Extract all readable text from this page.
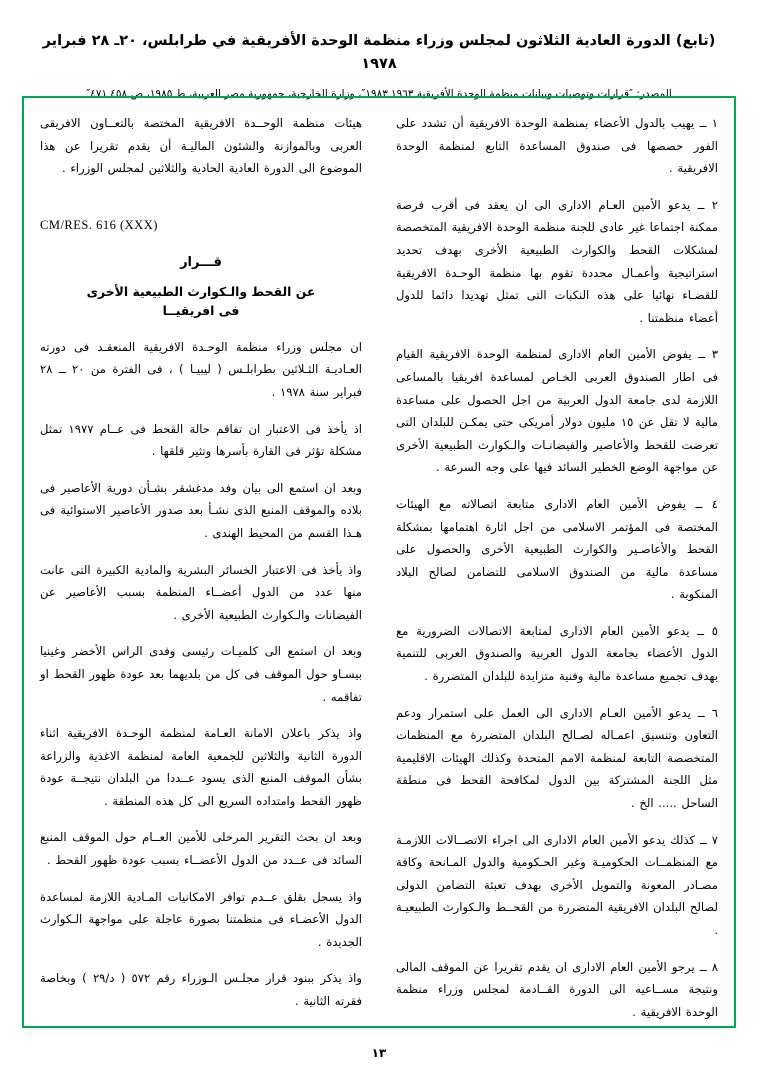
(تابع) الدورة العادية الثلاثون لمجلس وزراء منظمة الوحدة الأفريقية في طرابلس، ٢٠ـ ٢٨ فبراير ١٩٧٨
المصدر: ″قرارات وتوصيات وبيانات منظمة الوحدة الأفريقية ١٩٦٣ـ١٩٨٣″، وزارة الخارجية، جمهورية مصر العربية، ط ١٩٨٥، ص ٤٥٨ـ٤٧١″
١ ــ يهيب بالدول الأعضاء بمنظمة الوحدة الافريقية أن تشدد على الفور حصصها فى صندوق المساعدة التابع لمنظمة الوحدة الافريقية .
٢ ــ يدعو الأمين العـام الادارى الى ان يعقد فى أقرب فرصة ممكنة اجتماعا غير عادى للجنة منظمة الوحدة الافريقية المتخصصة لمشكلات القحط والكوارث الطبيعية الأخرى بهدف تحديد استراتيجية وأعمـال محددة تقوم بها منظمة الوحـدة الافريقية للقضـاء نهائيا على هذه النكبات التى تمثل تهديدا دائما للدول أعضاء منظمتنا .
٣ ــ يفوض الأمين العام الادارى لمنظمة الوحدة الافريقية القيام فى اطار الصندوق العربى الخـاص لمساعدة افريقيا بالمساعى اللازمة لدى جامعة الدول العربية من اجل الحصول على مساعدة مالية لا تقل عن ١٥ مليون دولار أمريكى حتى يمكـن للبلدان التى تعرضت للقحط والأعاصير والفيضانـات والـكوارث الطبيعية الأخرى عن مواجهة الوضع الخطير السائد فيها على وجه السرعة .
٤ ــ يفوض الأمين العام الادارى متابعة اتصالاته مع الهيئات المختصة فى المؤتمر الاسلامى من اجل اثارة اهتمامها بمشكلة القحط والأعاصـير والكوارث الطبيعية الأخرى والحصول على مساعدة مالية من الصندوق الاسلامى للتضامن لصالح البلاد المنكوبة .
٥ ــ يدعو الأمين العام الادارى لمتابعة الاتصالات الضرورية مع الدول الأعضاء بجامعة الدول العربية والصندوق العربى للتنمية بهدف تجميع مساعدة مالية وفنية متزايدة للبلدان المتضررة .
٦ ــ يدعو الأمين العـام الادارى الى العمل على استمرار ودعم التعاون وتنسيق اعمـاله لصـالح البلدان المتضررة مع المنظمات المتخصصة التابعة لمنظمة الامم المتحدة وكذلك الهيئات الاقليمية مثل اللجنة المشتركة بين الدول لمكافحة القحط فى منطقة الساحل ..... الخ .
٧ ــ كذلك يدعو الأمين العام الادارى الى اجراء الاتصــالات اللازمـة مع المنظمــات الحكوميـة وغير الحـكومية والدول المـانحة وكافة مصـادر المعونة والتمويل الأخرى بهدف تعبئة التضامن الدولى لصالح البلدان الافريقية المتضررة من القحــط والـكوارث الطبيعيـة .
٨ ــ يرجو الأمين العام الادارى ان يقدم تقريرا عن الموقف المالى ونتيجة مســاعيه الى الدورة القــادمة لمجلس وزراء منظمة الوحدة الافريقية .
هيئات منظمة الوحــدة الافريقية المختصة بالتعــاون الافريقى العربى وبالموازنة والشئون الماليـة أن يقدم تقريرا عن هذا الموضوع الى الدورة العادية الحادية والثلاثين لمجلس الوزراء .
CM/RES. 616 (XXX)
قـــرار
عن القحط والـكوارث الطبيعية الأخرى
فى افريقيــا
ان مجلس وزراء منظمة الوحـدة الافريقية المنعقـد فى دورته العـاديـة الثـلاثين بطرابلـس ( ليبيـا ) ، فى الفترة من ٢٠ ــ ٢٨ فبراير سنة ١٩٧٨ .
اذ يأخذ فى الاعتبار ان تفاقم حالة القحط فى عــام ١٩٧٧ تمثل مشكلة تؤثر فى القارة بأسرها وتثير قلقها .
وبعد ان استمع الى بيان وفد مدغشقر بشـأن دورية الأعاصير فى بلاده والموقف المنبع الذى نشـأ بعد صدور الأعاصير الاستوائية فى هـذا القسم من المحيط الهندى .
واذ يأخذ فى الاعتبار الخسائر البشرية والمادية الكبيرة التى عانت منها عدد من الدول أعضــاء المنظمة بسبب الأعاصير عن الفيضانات والـكوارث الطبيعية الأخرى .
وبعد ان استمع الى كلميـات رئيسى وفدى الراس الأخضر وغينيا بيسـاو حول الموقف فى كل من بلديهما بعد عودة ظهور القحط او تفاقمه .
واذ يذكر باعلان الامانة العـامة لمنظمة الوحـدة الافريقية اثناء الدورة الثانية والثلاثين للجمعية العامة لمنظمة الاغذية والزراعة بشأن الموقف المنبع الذى يسود عــددا من البلدان نتيجــة عودة ظهور القحط وامتداده السريع الى كل هذه المنطقة .
وبعد ان بحث التقرير المرحلى للأمين العــام حول الموقف المنبع السائد فى عــدد من الدول الأعضــاء بسبب عودة ظهور القحط .
واذ يسجل بقلق عــدم توافر الامكانيات المـادية اللازمة لمساعدة الدول الأعضـاء فى منظمتنا بصورة عاجلة على مواجهة الـكوارث الجديدة .
واذ يذكر ببنود قرار مجلـس الـوزراء رقم ٥٧٢ ( د/٢٩ ) وبخاصة فقرته الثانية .
١٣
